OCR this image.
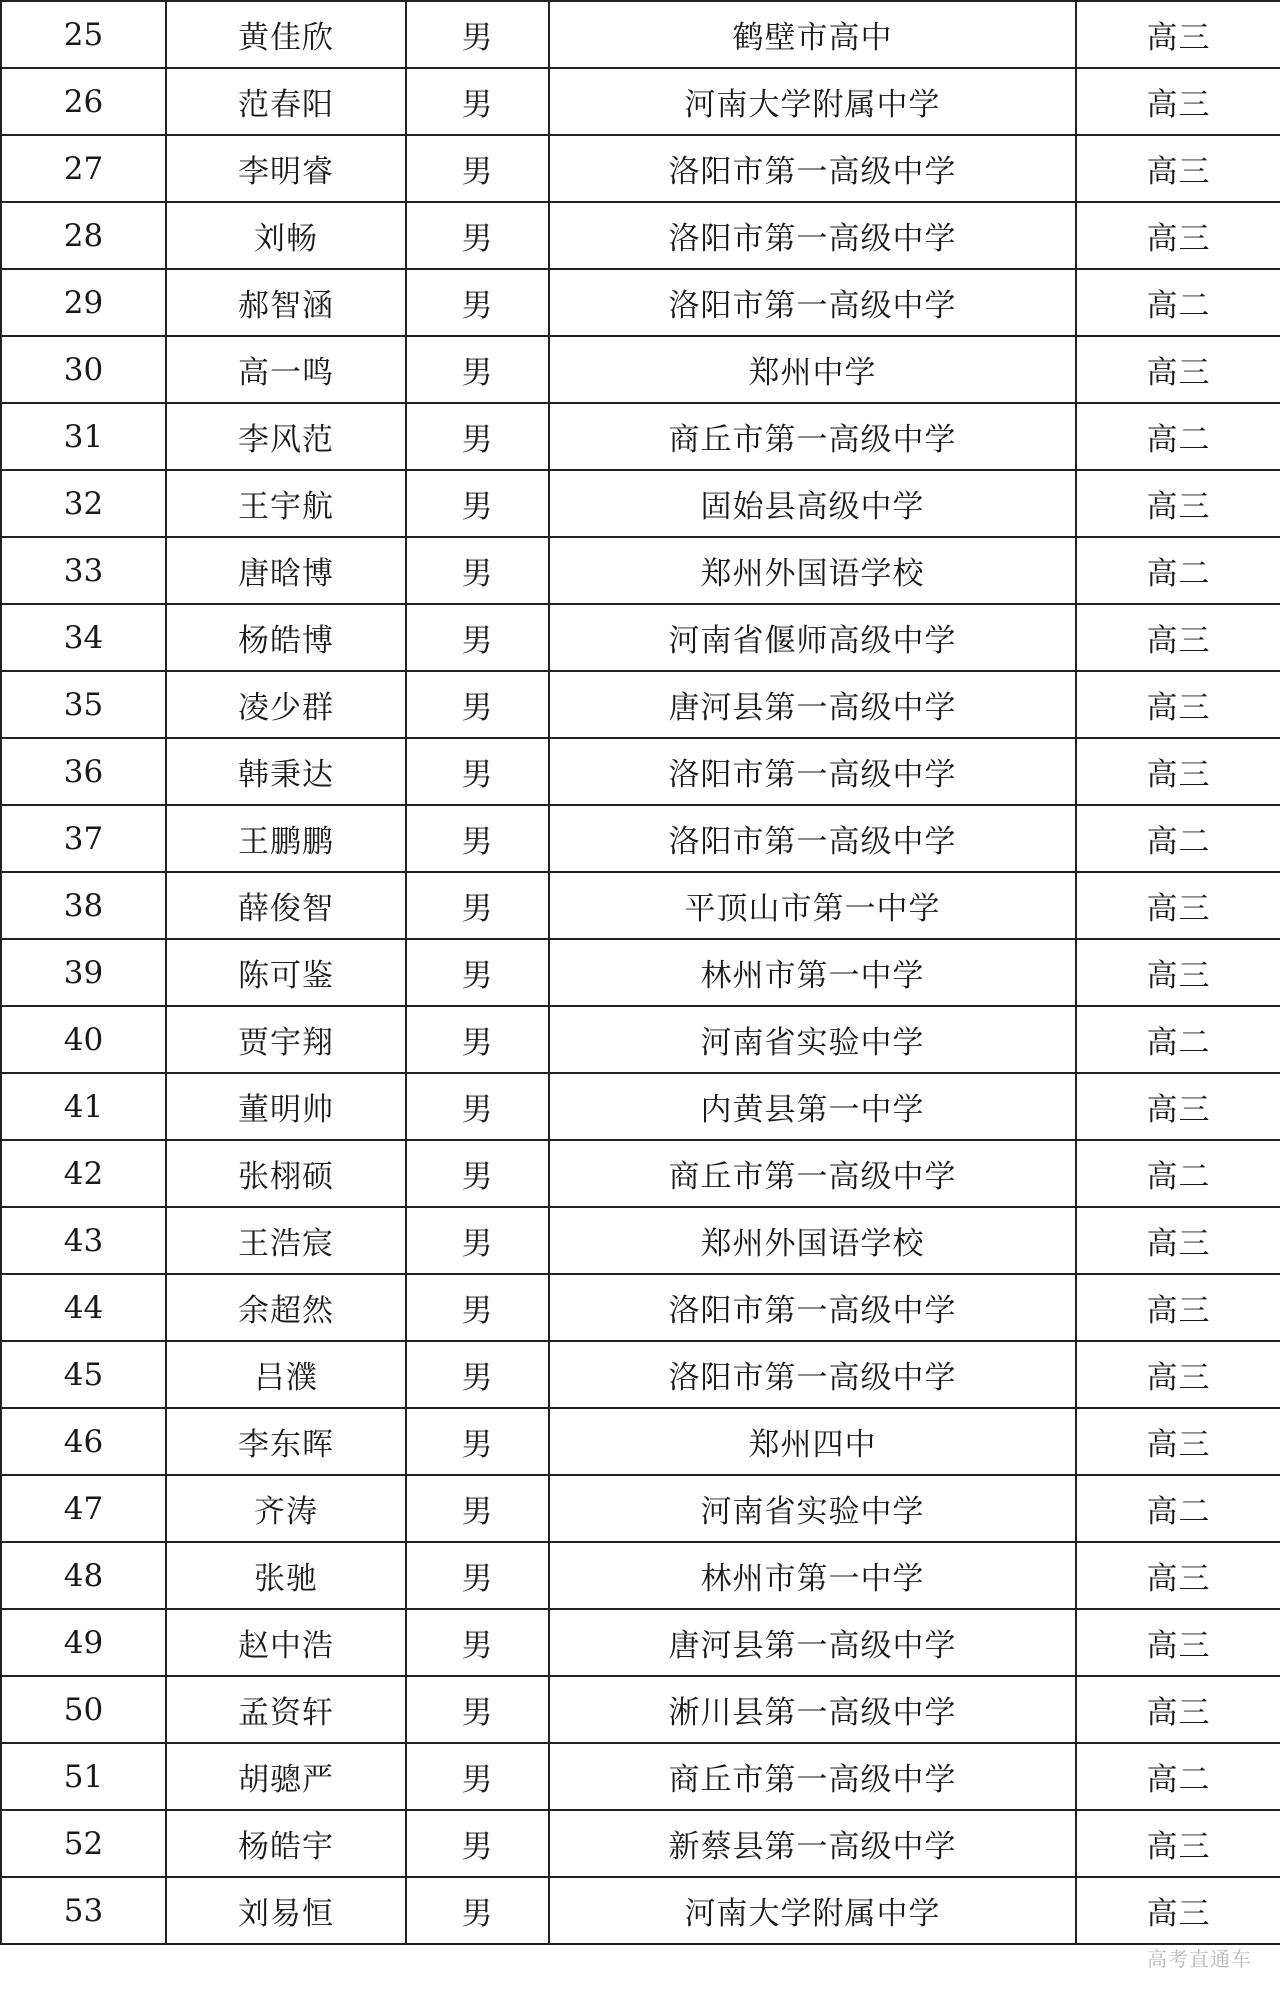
25	黄佳欣	男	鹤壁市高中	高三
26	范春阳	男	河南大学附属中学	高三
27	李明睿	男	洛阳市第一高级中学	高三
28	刘畅	男	洛阳市第一高级中学	高三
29	郝智涵	男	洛阳市第一高级中学	高二
30	高一鸣	男	郑州中学	高三
31	李风范	男	商丘市第一高级中学	高二
32	王宇航	男	固始县高级中学	高三
33	唐晗博	男	郑州外国语学校	高二
34	杨皓博	男	河南省偃师高级中学	高三
35	凌少群	男	唐河县第一高级中学	高三
36	韩秉达	男	洛阳市第一高级中学	高三
37	王鹏鹏	男	洛阳市第一高级中学	高二
38	薛俊智	男	平顶山市第一中学	高三
39	陈可鉴	男	林州市第一中学	高三
40	贾宇翔	男	河南省实验中学	高二
41	董明帅	男	内黄县第一中学	高三
42	张栩硕	男	商丘市第一高级中学	高二
43	王浩宸	男	郑州外国语学校	高三
44	余超然	男	洛阳市第一高级中学	高三
45	吕濮	男	洛阳市第一高级中学	高三
46	李东晖	男	郑州四中	高三
47	齐涛	男	河南省实验中学	高二
48	张驰	男	林州市第一中学	高三
49	赵中浩	男	唐河县第一高级中学	高三
50	孟资轩	男	淅川县第一高级中学	高三
51	胡骢严	男	商丘市第一高级中学	高二
52	杨皓宇	男	新蔡县第一高级中学	高三
53	刘易恒	男	河南大学附属中学	高三
高考直通车
